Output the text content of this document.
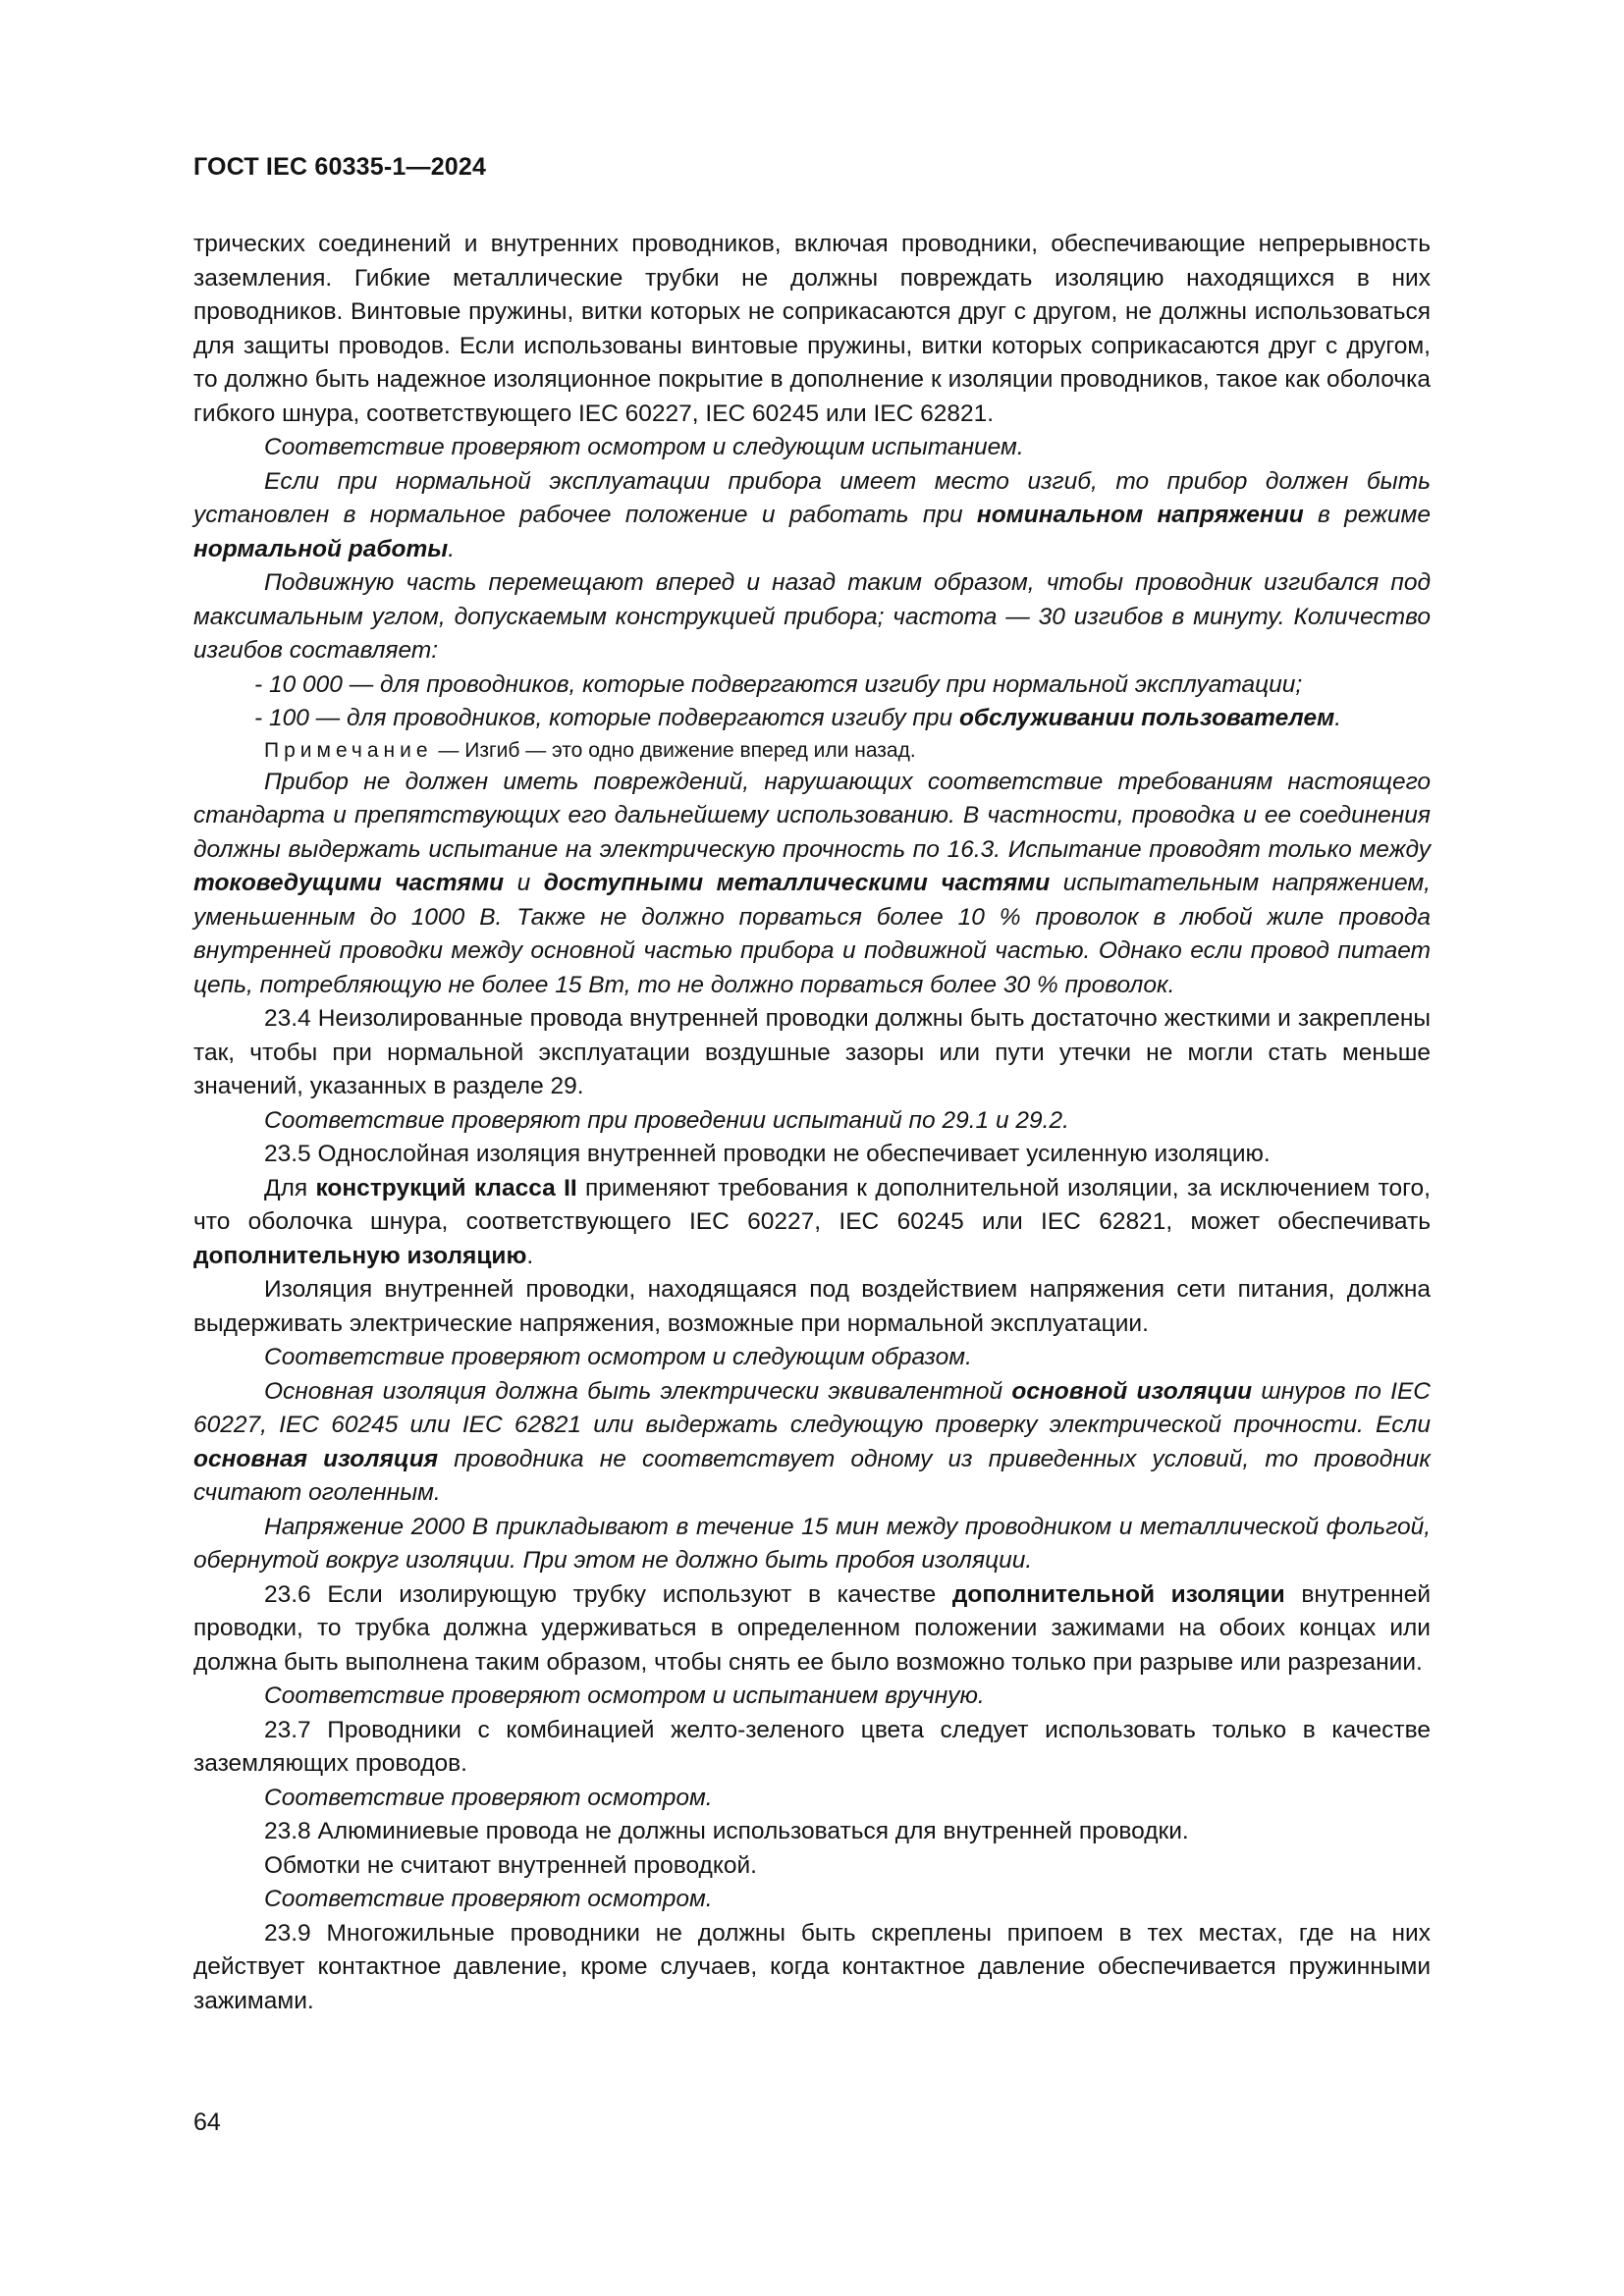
ГОСТ IEC 60335-1—2024

трических соединений и внутренних проводников, включая проводники, обеспечивающие непрерывность заземления. Гибкие металлические трубки не должны повреждать изоляцию находящихся в них проводников. Винтовые пружины, витки которых не соприкасаются друг с другом, не должны использоваться для защиты проводов. Если использованы винтовые пружины, витки которых соприкасаются друг с другом, то должно быть надежное изоляционное покрытие в дополнение к изоляции проводников, такое как оболочка гибкого шнура, соответствующего IEC 60227, IEC 60245 или IEC 62821.

Соответствие проверяют осмотром и следующим испытанием.

Если при нормальной эксплуатации прибора имеет место изгиб, то прибор должен быть установлен в нормальное рабочее положение и работать при номинальном напряжении в режиме нормальной работы.

Подвижную часть перемещают вперед и назад таким образом, чтобы проводник изгибался под максимальным углом, допускаемым конструкцией прибора; частота — 30 изгибов в минуту. Количество изгибов составляет:

- 10 000 — для проводников, которые подвергаются изгибу при нормальной эксплуатации;
- 100 — для проводников, которые подвергаются изгибу при обслуживании пользователем.

Примечание — Изгиб — это одно движение вперед или назад.

Прибор не должен иметь повреждений, нарушающих соответствие требованиям настоящего стандарта и препятствующих его дальнейшему использованию. В частности, проводка и ее соединения должны выдержать испытание на электрическую прочность по 16.3. Испытание проводят только между токоведущими частями и доступными металлическими частями испытательным напряжением, уменьшенным до 1000 В. Также не должно порваться более 10 % проволок в любой жиле провода внутренней проводки между основной частью прибора и подвижной частью. Однако если провод питает цепь, потребляющую не более 15 Вт, то не должно порваться более 30 % проволок.

23.4 Неизолированные провода внутренней проводки должны быть достаточно жесткими и закреплены так, чтобы при нормальной эксплуатации воздушные зазоры или пути утечки не могли стать меньше значений, указанных в разделе 29.

Соответствие проверяют при проведении испытаний по 29.1 и 29.2.

23.5 Однослойная изоляция внутренней проводки не обеспечивает усиленную изоляцию.

Для конструкций класса II применяют требования к дополнительной изоляции, за исключением того, что оболочка шнура, соответствующего IEC 60227, IEC 60245 или IEC 62821, может обеспечивать дополнительную изоляцию.

Изоляция внутренней проводки, находящаяся под воздействием напряжения сети питания, должна выдерживать электрические напряжения, возможные при нормальной эксплуатации.

Соответствие проверяют осмотром и следующим образом.

Основная изоляция должна быть электрически эквивалентной основной изоляции шнуров по IEC 60227, IEC 60245 или IEC 62821 или выдержать следующую проверку электрической прочности. Если основная изоляция проводника не соответствует одному из приведенных условий, то проводник считают оголенным.

Напряжение 2000 В прикладывают в течение 15 мин между проводником и металлической фольгой, обернутой вокруг изоляции. При этом не должно быть пробоя изоляции.

23.6 Если изолирующую трубку используют в качестве дополнительной изоляции внутренней проводки, то трубка должна удерживаться в определенном положении зажимами на обоих концах или должна быть выполнена таким образом, чтобы снять ее было возможно только при разрыве или разрезании.

Соответствие проверяют осмотром и испытанием вручную.

23.7 Проводники с комбинацией желто-зеленого цвета следует использовать только в качестве заземляющих проводов.

Соответствие проверяют осмотром.

23.8 Алюминиевые провода не должны использоваться для внутренней проводки.

Обмотки не считают внутренней проводкой.

Соответствие проверяют осмотром.

23.9 Многожильные проводники не должны быть скреплены припоем в тех местах, где на них действует контактное давление, кроме случаев, когда контактное давление обеспечивается пружинными зажимами.

64
